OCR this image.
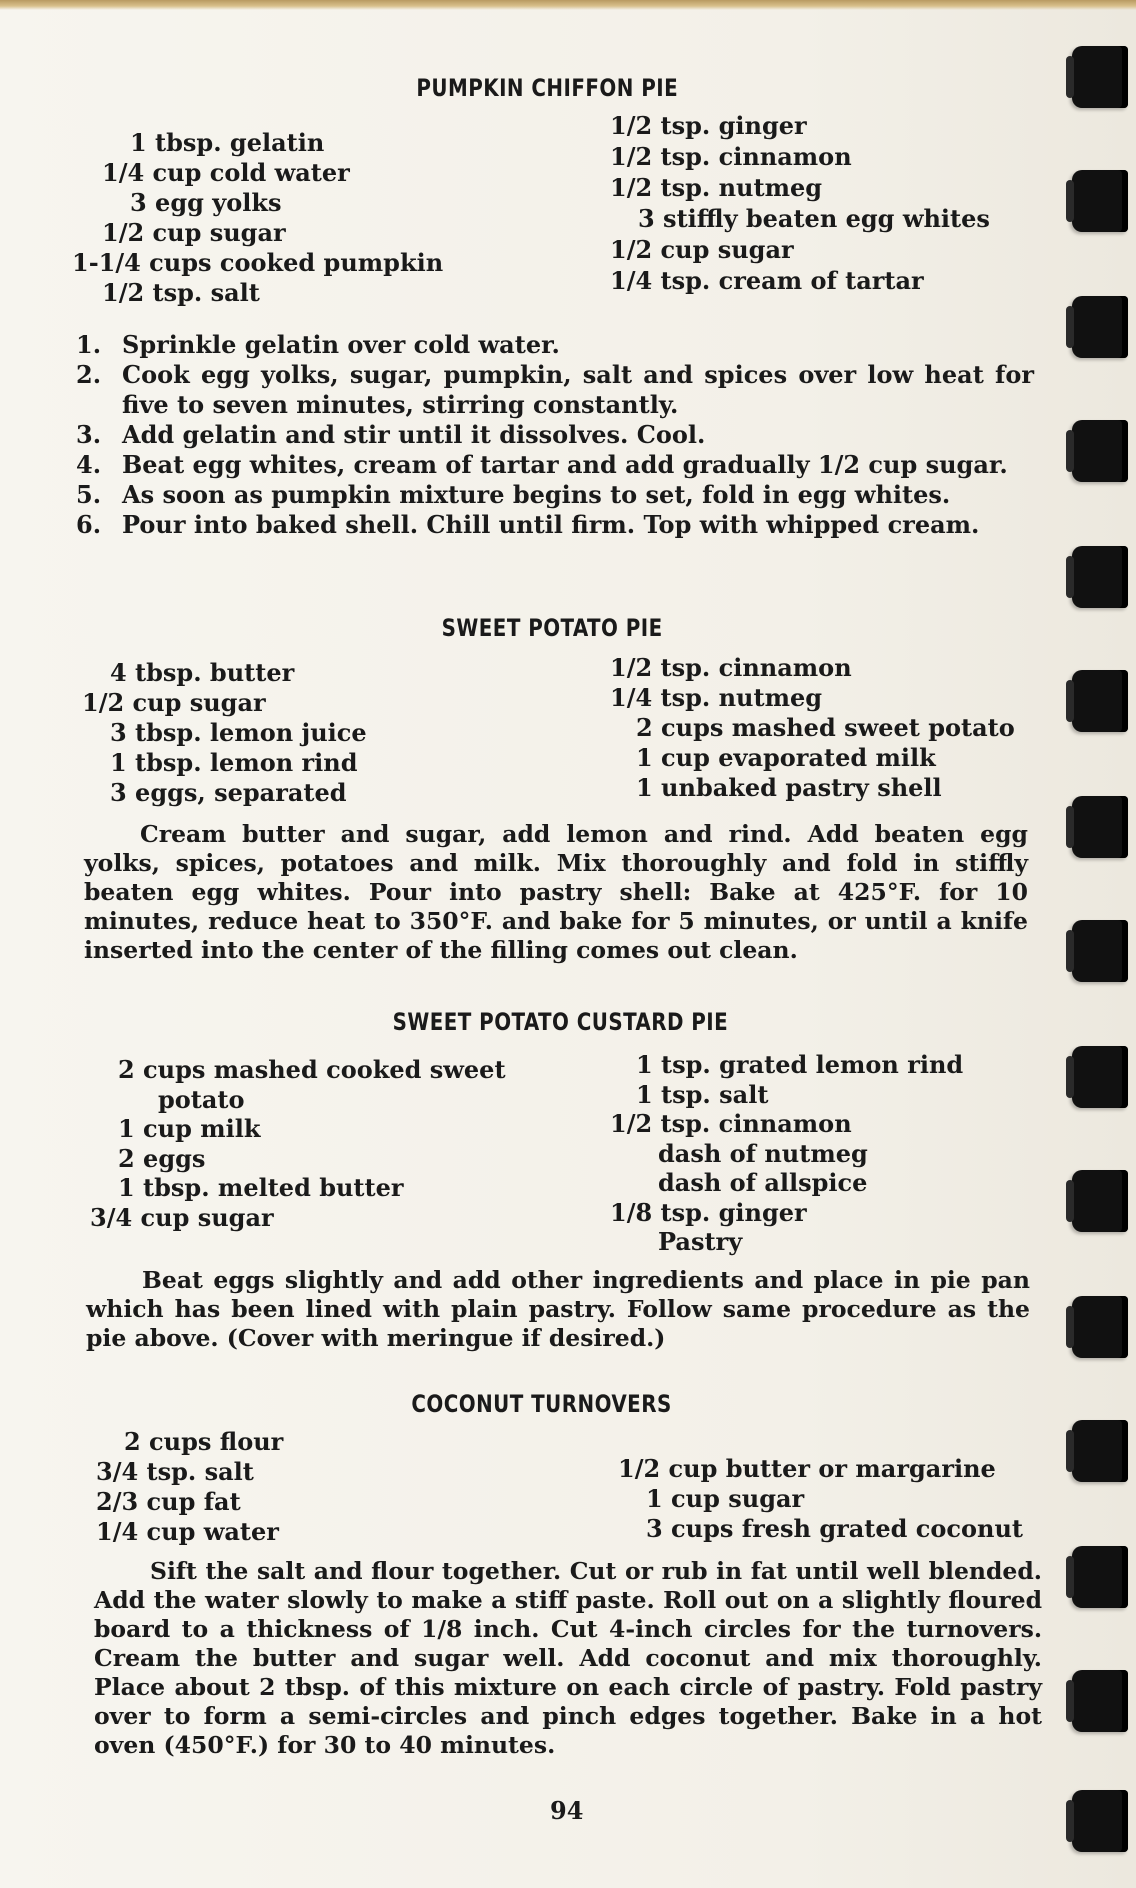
PUMPKIN CHIFFON PIE
1 tbsp. gelatin
1/4 cup cold water
3 egg yolks
1/2 cup sugar
1-1/4 cups cooked pumpkin
1/2 tsp. salt
1/2 tsp. ginger
1/2 tsp. cinnamon
1/2 tsp. nutmeg
3 stiffly beaten egg whites
1/2 cup sugar
1/4 tsp. cream of tartar
1. Sprinkle gelatin over cold water.
2. Cook egg yolks, sugar, pumpkin, salt and spices over low heat for five to seven minutes, stirring constantly.
3. Add gelatin and stir until it dissolves. Cool.
4. Beat egg whites, cream of tartar and add gradually 1/2 cup sugar.
5. As soon as pumpkin mixture begins to set, fold in egg whites.
6. Pour into baked shell. Chill until firm. Top with whipped cream.
SWEET POTATO PIE
4 tbsp. butter
1/2 cup sugar
3 tbsp. lemon juice
1 tbsp. lemon rind
3 eggs, separated
1/2 tsp. cinnamon
1/4 tsp. nutmeg
2 cups mashed sweet potato
1 cup evaporated milk
1 unbaked pastry shell
Cream butter and sugar, add lemon and rind. Add beaten egg yolks, spices, potatoes and milk. Mix thoroughly and fold in stiffly beaten egg whites. Pour into pastry shell: Bake at 425°F. for 10 minutes, reduce heat to 350°F. and bake for 5 minutes, or until a knife inserted into the center of the filling comes out clean.
SWEET POTATO CUSTARD PIE
2 cups mashed cooked sweet
potato
1 cup milk
2 eggs
1 tbsp. melted butter
3/4 cup sugar
1 tsp. grated lemon rind
1 tsp. salt
1/2 tsp. cinnamon
dash of nutmeg
dash of allspice
1/8 tsp. ginger
Pastry
Beat eggs slightly and add other ingredients and place in pie pan which has been lined with plain pastry. Follow same procedure as the pie above. (Cover with meringue if desired.)
COCONUT TURNOVERS
2 cups flour
3/4 tsp. salt
2/3 cup fat
1/4 cup water
1/2 cup butter or margarine
1 cup sugar
3 cups fresh grated coconut
Sift the salt and flour together. Cut or rub in fat until well blended. Add the water slowly to make a stiff paste. Roll out on a slightly floured board to a thickness of 1/8 inch. Cut 4-inch circles for the turnovers. Cream the butter and sugar well. Add coconut and mix thoroughly. Place about 2 tbsp. of this mixture on each circle of pastry. Fold pastry over to form a semi-circles and pinch edges together. Bake in a hot oven (450°F.) for 30 to 40 minutes.
94
